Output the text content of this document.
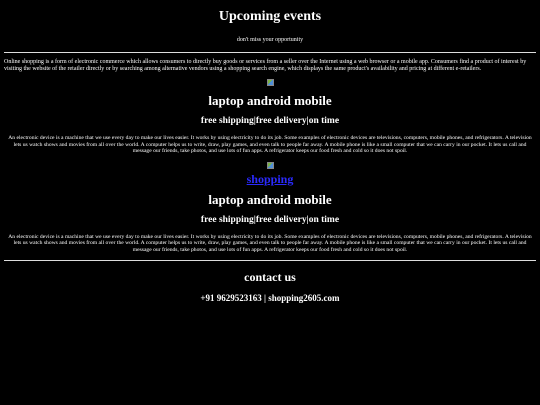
Upcoming events
don't miss your opportunity

Online shopping is a form of electronic commerce which allows consumers to directly buy goods or services from a seller over the Internet using a web browser or a mobile app. Consumers find a product of interest by visiting the website of the retailer directly or by searching among alternative vendors using a shopping search engine, which displays the same product's availability and pricing at different e-retailers.

laptop android mobile
free shipping|free delivery|on time

An electronic device is a machine that we use every day to make our lives easier. It works by using electricity to do its job. Some examples of electronic devices are televisions, computers, mobile phones, and refrigerators. A television lets us watch shows and movies from all over the world. A computer helps us to write, draw, play games, and even talk to people far away. A mobile phone is like a small computer that we can carry in our pocket. It lets us call and message our friends, take photos, and use lots of fun apps. A refrigerator keeps our food fresh and cold so it does not spoil.

shopping
laptop android mobile
free shipping|free delivery|on time

An electronic device is a machine that we use every day to make our lives easier. It works by using electricity to do its job. Some examples of electronic devices are televisions, computers, mobile phones, and refrigerators. A television lets us watch shows and movies from all over the world. A computer helps us to write, draw, play games, and even talk to people far away. A mobile phone is like a small computer that we can carry in our pocket. It lets us call and message our friends, take photos, and use lots of fun apps. A refrigerator keeps our food fresh and cold so it does not spoil.

contact us
+91 9629523163 | shopping2605.com
